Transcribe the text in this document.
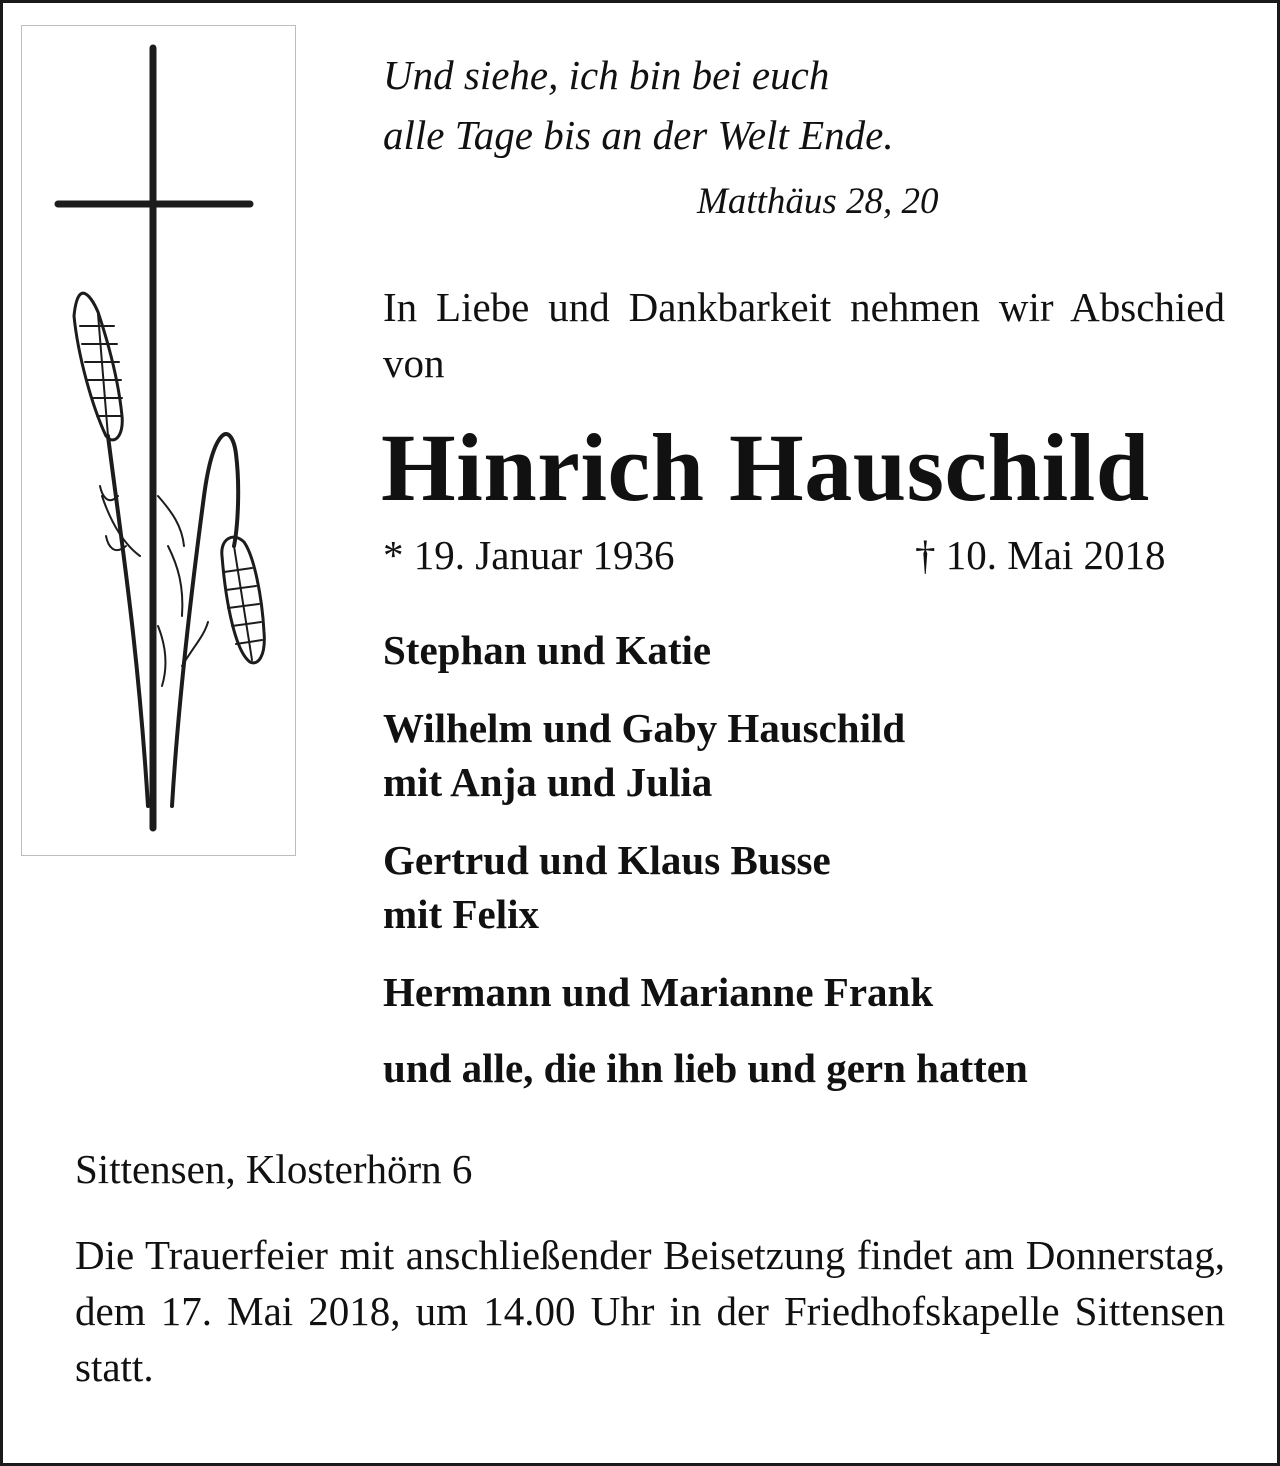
Und siehe, ich bin bei euch
alle Tage bis an der Welt Ende.
Matthäus 28, 20
In Liebe und Dankbarkeit nehmen wir Abschied von
Hinrich Hauschild
* 19. Januar 1936	† 10. Mai 2018
Stephan und Katie
Wilhelm und Gaby Hauschild
mit Anja und Julia
Gertrud und Klaus Busse
mit Felix
Hermann und Marianne Frank
und alle, die ihn lieb und gern hatten
Sittensen, Klosterhörn 6
Die Trauerfeier mit anschließender Beisetzung findet am Donnerstag, dem 17. Mai 2018, um 14.00 Uhr in der Friedhofskapelle Sittensen statt.
